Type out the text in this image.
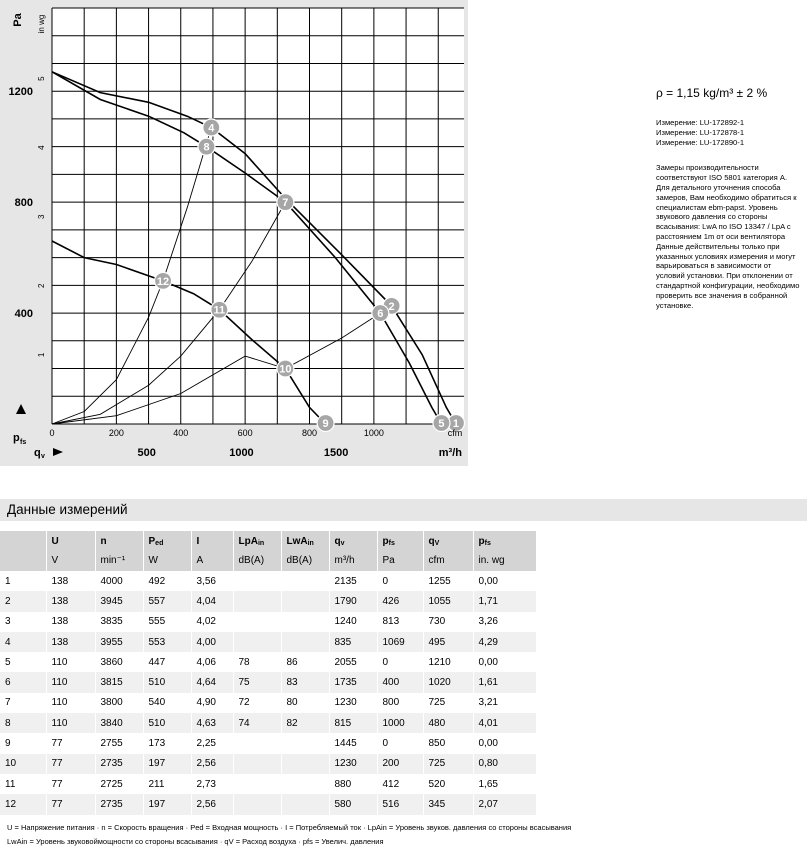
1
2
4
5
6
7
8
9
10
11
12
400
800
1200
1
2
3
4
5
Pa in wg
p fs
0	200	400	600	800	1000	cfm
500	1000	1500	m³/h
q v
ρ = 1,15 kg/m³ ± 2 %
Измерение: LU-172892-1
Измерение: LU-172878-1
Измерение: LU-172890-1
Замеры производительности соответствуют ISO 5801 категория А. Для детального уточнения способа замеров, Вам необходимо обратиться к специалистам ebm-papst. Уровень звукового давления со стороны всасывания: LwA по ISO 13347 / LpA с расстоянием 1m от оси вентилятора Данные действительны только при указанных условиях измерения и могут варьироваться в зависимости от условий установки. При отклонении от стандартной конфигурации, необходимо проверить все значения в собранной установке.
Данные измерений
	U	n	$P_{ed}$	I	LpA$_{in}$	LwA$_{in}$	$q_v$	$p_{fs}$	$q_V$	$p_{fs}$
	V	min⁻¹	W	A	dB(A)	dB(A)	m³/h	Pa	cfm	in. wg
1	138	4000	492	3,56			2135	0	1255	0,00
2	138	3945	557	4,04			1790	426	1055	1,71
3	138	3835	555	4,02			1240	813	730	3,26
4	138	3955	553	4,00			835	1069	495	4,29
5	110	3860	447	4,06	78	86	2055	0	1210	0,00
6	110	3815	510	4,64	75	83	1735	400	1020	1,61
7	110	3800	540	4,90	72	80	1230	800	725	3,21
8	110	3840	510	4,63	74	82	815	1000	480	4,01
9	77	2755	173	2,25			1445	0	850	0,00
10	77	2735	197	2,56			1230	200	725	0,80
11	77	2725	211	2,73			880	412	520	1,65
12	77	2735	197	2,56			580	516	345	2,07
U = Напряжение питания · n = Скорость вращения · Ped = Входная мощность · I = Потребляемый ток · LpAin = Уровень звуков. давления со стороны всасывания
LwAin = Уровень звуковоймощности со стороны всасывания · qV = Расход воздуха · pfs = Увелич. давления
